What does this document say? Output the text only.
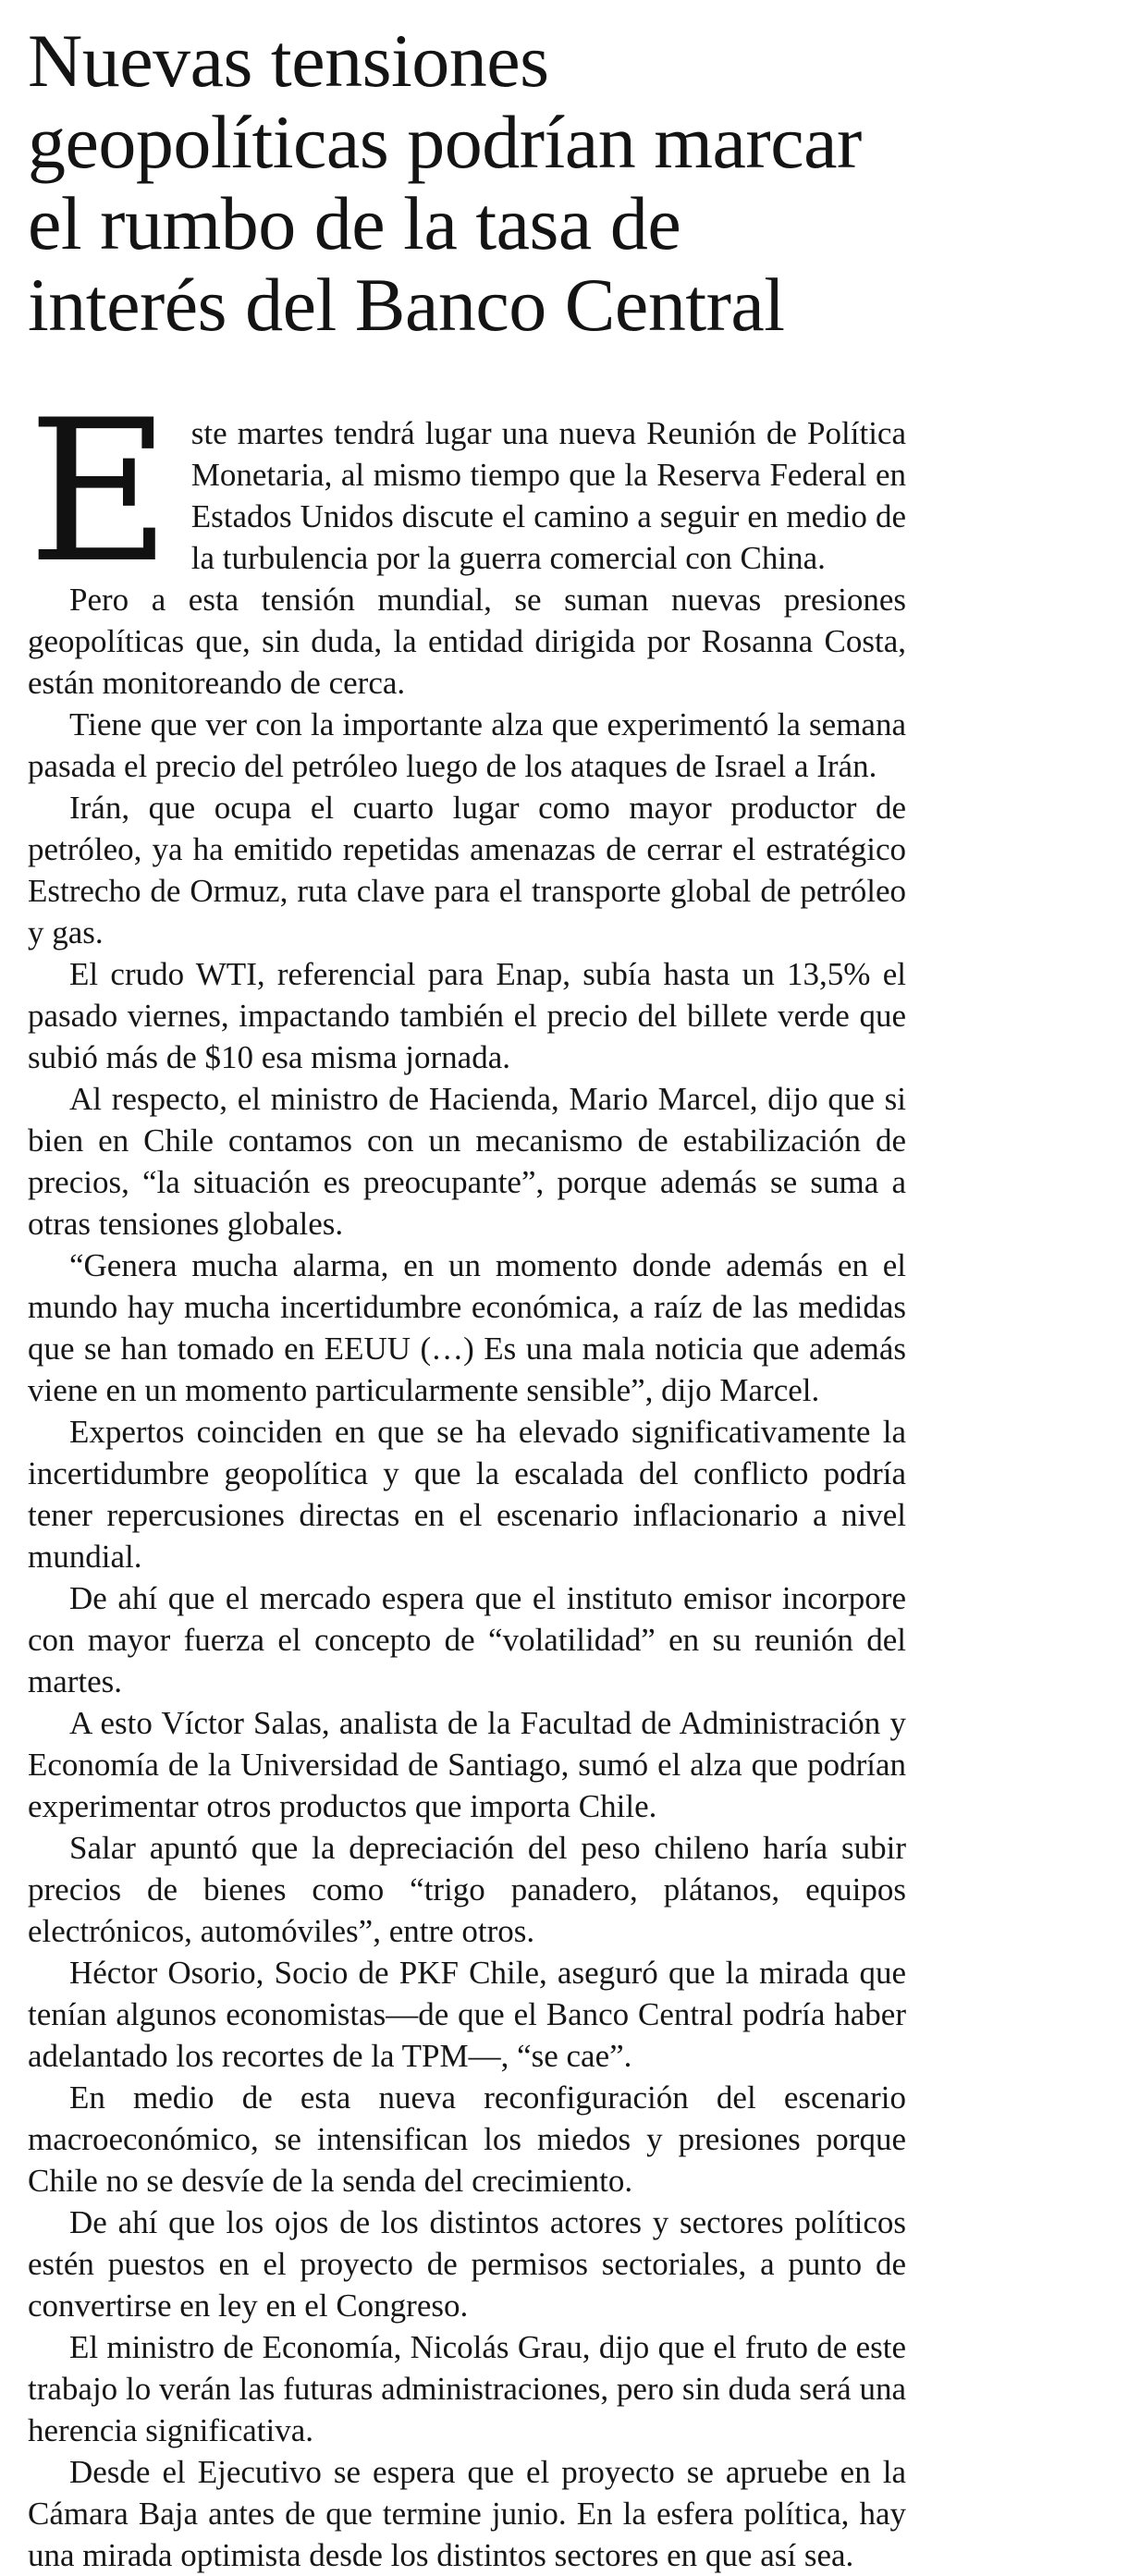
Nuevas tensiones geopolíticas podrían marcar el rumbo de la tasa de interés del Banco Central

Este martes tendrá lugar una nueva Reunión de Política Monetaria, al mismo tiempo que la Reserva Federal en Estados Unidos discute el camino a seguir en medio de la turbulencia por la guerra comercial con China.

Pero a esta tensión mundial, se suman nuevas presiones geopolíticas que, sin duda, la entidad dirigida por Rosanna Costa, están monitoreando de cerca.

Tiene que ver con la importante alza que experimentó la semana pasada el precio del petróleo luego de los ataques de Israel a Irán.

Irán, que ocupa el cuarto lugar como mayor productor de petróleo, ya ha emitido repetidas amenazas de cerrar el estratégico Estrecho de Ormuz, ruta clave para el transporte global de petróleo y gas.

El crudo WTI, referencial para Enap, subía hasta un 13,5% el pasado viernes, impactando también el precio del billete verde que subió más de $10 esa misma jornada.

Al respecto, el ministro de Hacienda, Mario Marcel, dijo que si bien en Chile contamos con un mecanismo de estabilización de precios, “la situación es preocupante”, porque además se suma a otras tensiones globales.

“Genera mucha alarma, en un momento donde además en el mundo hay mucha incertidumbre económica, a raíz de las medidas que se han tomado en EEUU (…) Es una mala noticia que además viene en un momento particularmente sensible”, dijo Marcel.

Expertos coinciden en que se ha elevado significativamente la incertidumbre geopolítica y que la escalada del conflicto podría tener repercusiones directas en el escenario inflacionario a nivel mundial.

De ahí que el mercado espera que el instituto emisor incorpore con mayor fuerza el concepto de “volatilidad” en su reunión del martes.

A esto Víctor Salas, analista de la Facultad de Administración y Economía de la Universidad de Santiago, sumó el alza que podrían experimentar otros productos que importa Chile.

Salar apuntó que la depreciación del peso chileno haría subir precios de bienes como “trigo panadero, plátanos, equipos electrónicos, automóviles”, entre otros.

Héctor Osorio, Socio de PKF Chile, aseguró que la mirada que tenían algunos economistas—de que el Banco Central podría haber adelantado los recortes de la TPM—, “se cae”.

En medio de esta nueva reconfiguración del escenario macroeconómico, se intensifican los miedos y presiones porque Chile no se desvíe de la senda del crecimiento.

De ahí que los ojos de los distintos actores y sectores políticos estén puestos en el proyecto de permisos sectoriales, a punto de convertirse en ley en el Congreso.

El ministro de Economía, Nicolás Grau, dijo que el fruto de este trabajo lo verán las futuras administraciones, pero sin duda será una herencia significativa.

Desde el Ejecutivo se espera que el proyecto se apruebe en la Cámara Baja antes de que termine junio. En la esfera política, hay una mirada optimista desde los distintos sectores en que así sea.
